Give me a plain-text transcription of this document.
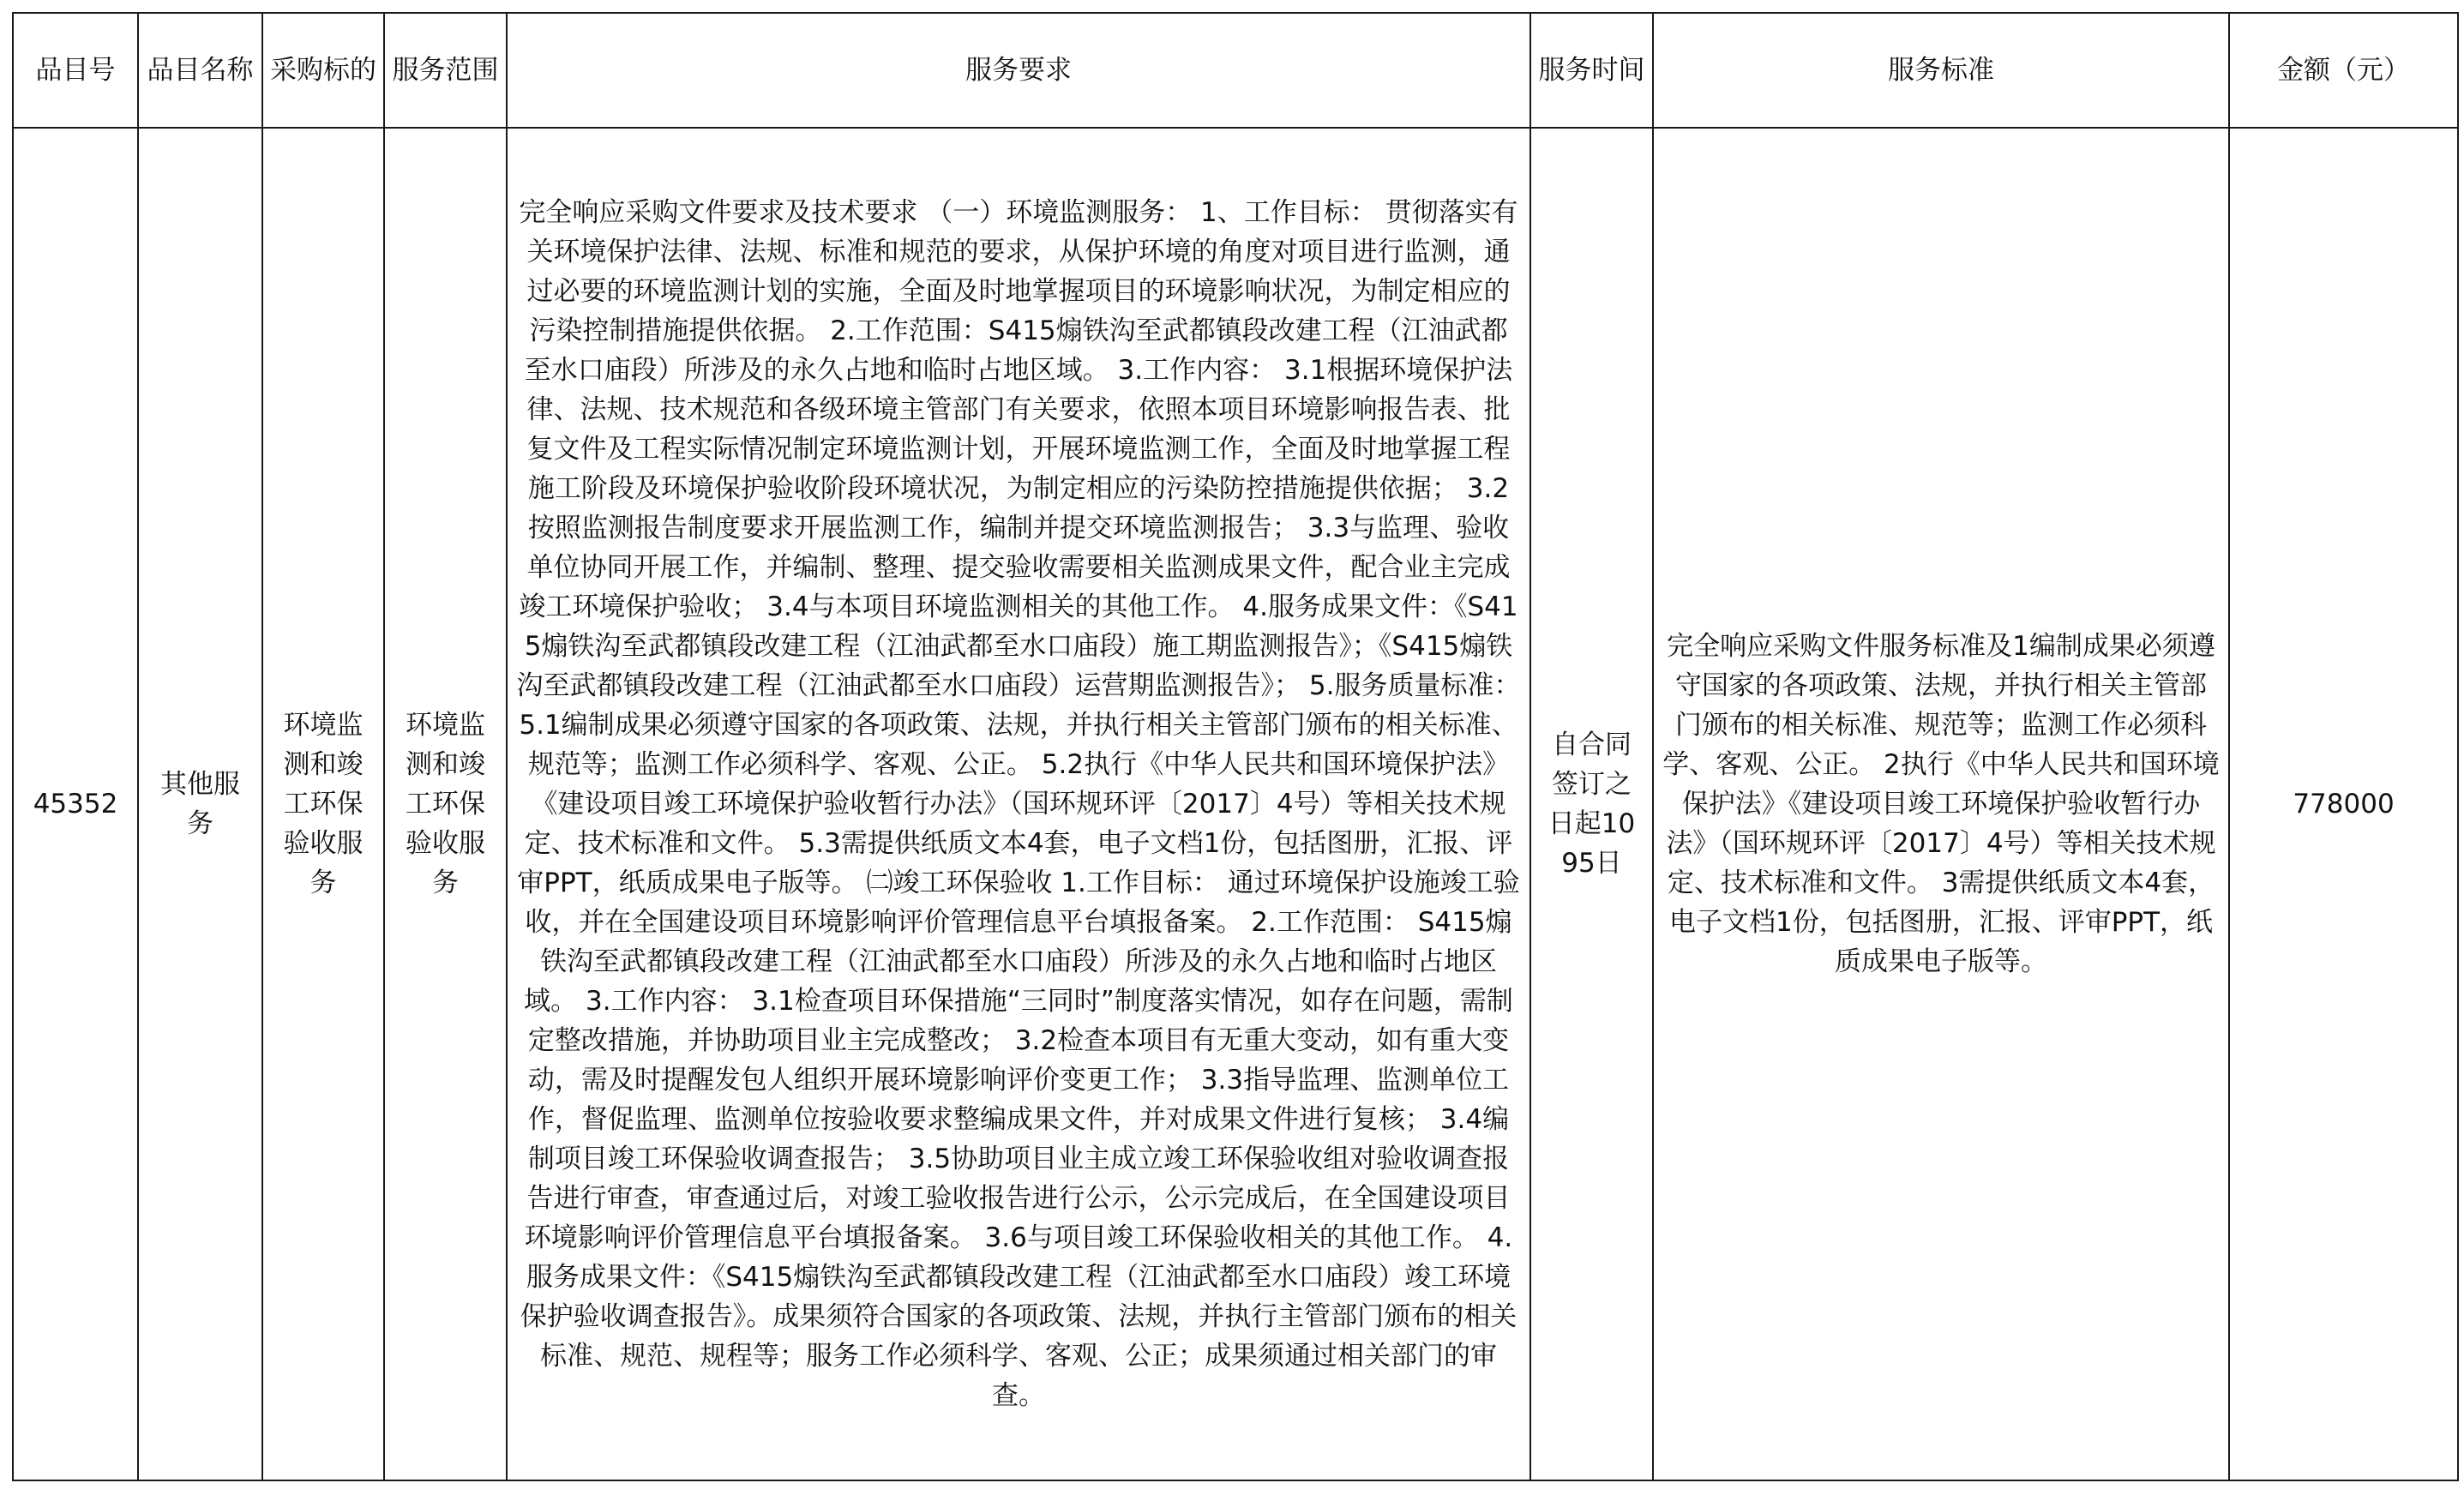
品目号	品目名称	采购标的	服务范围	服务要求	服务时间	服务标准	金额（元）
45352	其他服务	环境监测和竣工环保验收服务	环境监测和竣工环保验收服务	完全响应采购文件要求及技术要求 （一）环境监测服务： 1、工作目标： 贯彻落实有关环境保护法律、法规、标准和规范的要求，从保护环境的角度对项目进行监测，通过必要的环境监测计划的实施，全面及时地掌握项目的环境影响状况，为制定相应的污染控制措施提供依据。 2.工作范围：S415煽铁沟至武都镇段改建工程（江油武都至水口庙段）所涉及的永久占地和临时占地区域。 3.工作内容： 3.1根据环境保护法律、法规、技术规范和各级环境主管部门有关要求，依照本项目环境影响报告表、批复文件及工程实际情况制定环境监测计划，开展环境监测工作，全面及时地掌握工程施工阶段及环境保护验收阶段环境状况，为制定相应的污染防控措施提供依据； 3.2按照监测报告制度要求开展监测工作，编制并提交环境监测报告； 3.3与监理、验收单位协同开展工作，并编制、整理、提交验收需要相关监测成果文件，配合业主完成竣工环境保护验收； 3.4与本项目环境监测相关的其他工作。 4.服务成果文件：《S415煽铁沟至武都镇段改建工程（江油武都至水口庙段）施工期监测报告》；《S415煽铁沟至武都镇段改建工程（江油武都至水口庙段）运营期监测报告》； 5.服务质量标准： 5.1编制成果必须遵守国家的各项政策、法规，并执行相关主管部门颁布的相关标准、规范等；监测工作必须科学、客观、公正。 5.2执行《中华人民共和国环境保护法》《建设项目竣工环境保护验收暂行办法》（国环规环评〔2017〕4号）等相关技术规定、技术标准和文件。 5.3需提供纸质文本4套，电子文档1份，包括图册，汇报、评审PPT，纸质成果电子版等。 ㈡竣工环保验收 1.工作目标： 通过环境保护设施竣工验收，并在全国建设项目环境影响评价管理信息平台填报备案。 2.工作范围： S415煽铁沟至武都镇段改建工程（江油武都至水口庙段）所涉及的永久占地和临时占地区域。 3.工作内容： 3.1检查项目环保措施“三同时”制度落实情况，如存在问题，需制定整改措施，并协助项目业主完成整改； 3.2检查本项目有无重大变动，如有重大变动，需及时提醒发包人组织开展环境影响评价变更工作； 3.3指导监理、监测单位工作，督促监理、监测单位按验收要求整编成果文件，并对成果文件进行复核； 3.4编制项目竣工环保验收调查报告； 3.5协助项目业主成立竣工环保验收组对验收调查报告进行审查，审查通过后，对竣工验收报告进行公示，公示完成后，在全国建设项目环境影响评价管理信息平台填报备案。 3.6与项目竣工环保验收相关的其他工作。 4.服务成果文件：《S415煽铁沟至武都镇段改建工程（江油武都至水口庙段）竣工环境保护验收调查报告》。成果须符合国家的各项政策、法规，并执行主管部门颁布的相关标准、规范、规程等；服务工作必须科学、客观、公正；成果须通过相关部门的审查。	自合同签订之日起1095日	完全响应采购文件服务标准及1编制成果必须遵守国家的各项政策、法规，并执行相关主管部门颁布的相关标准、规范等；监测工作必须科学、客观、公正。 2执行《中华人民共和国环境保护法》《建设项目竣工环境保护验收暂行办法》（国环规环评〔2017〕4号）等相关技术规定、技术标准和文件。 3需提供纸质文本4套，电子文档1份，包括图册，汇报、评审PPT，纸质成果电子版等。	778000
